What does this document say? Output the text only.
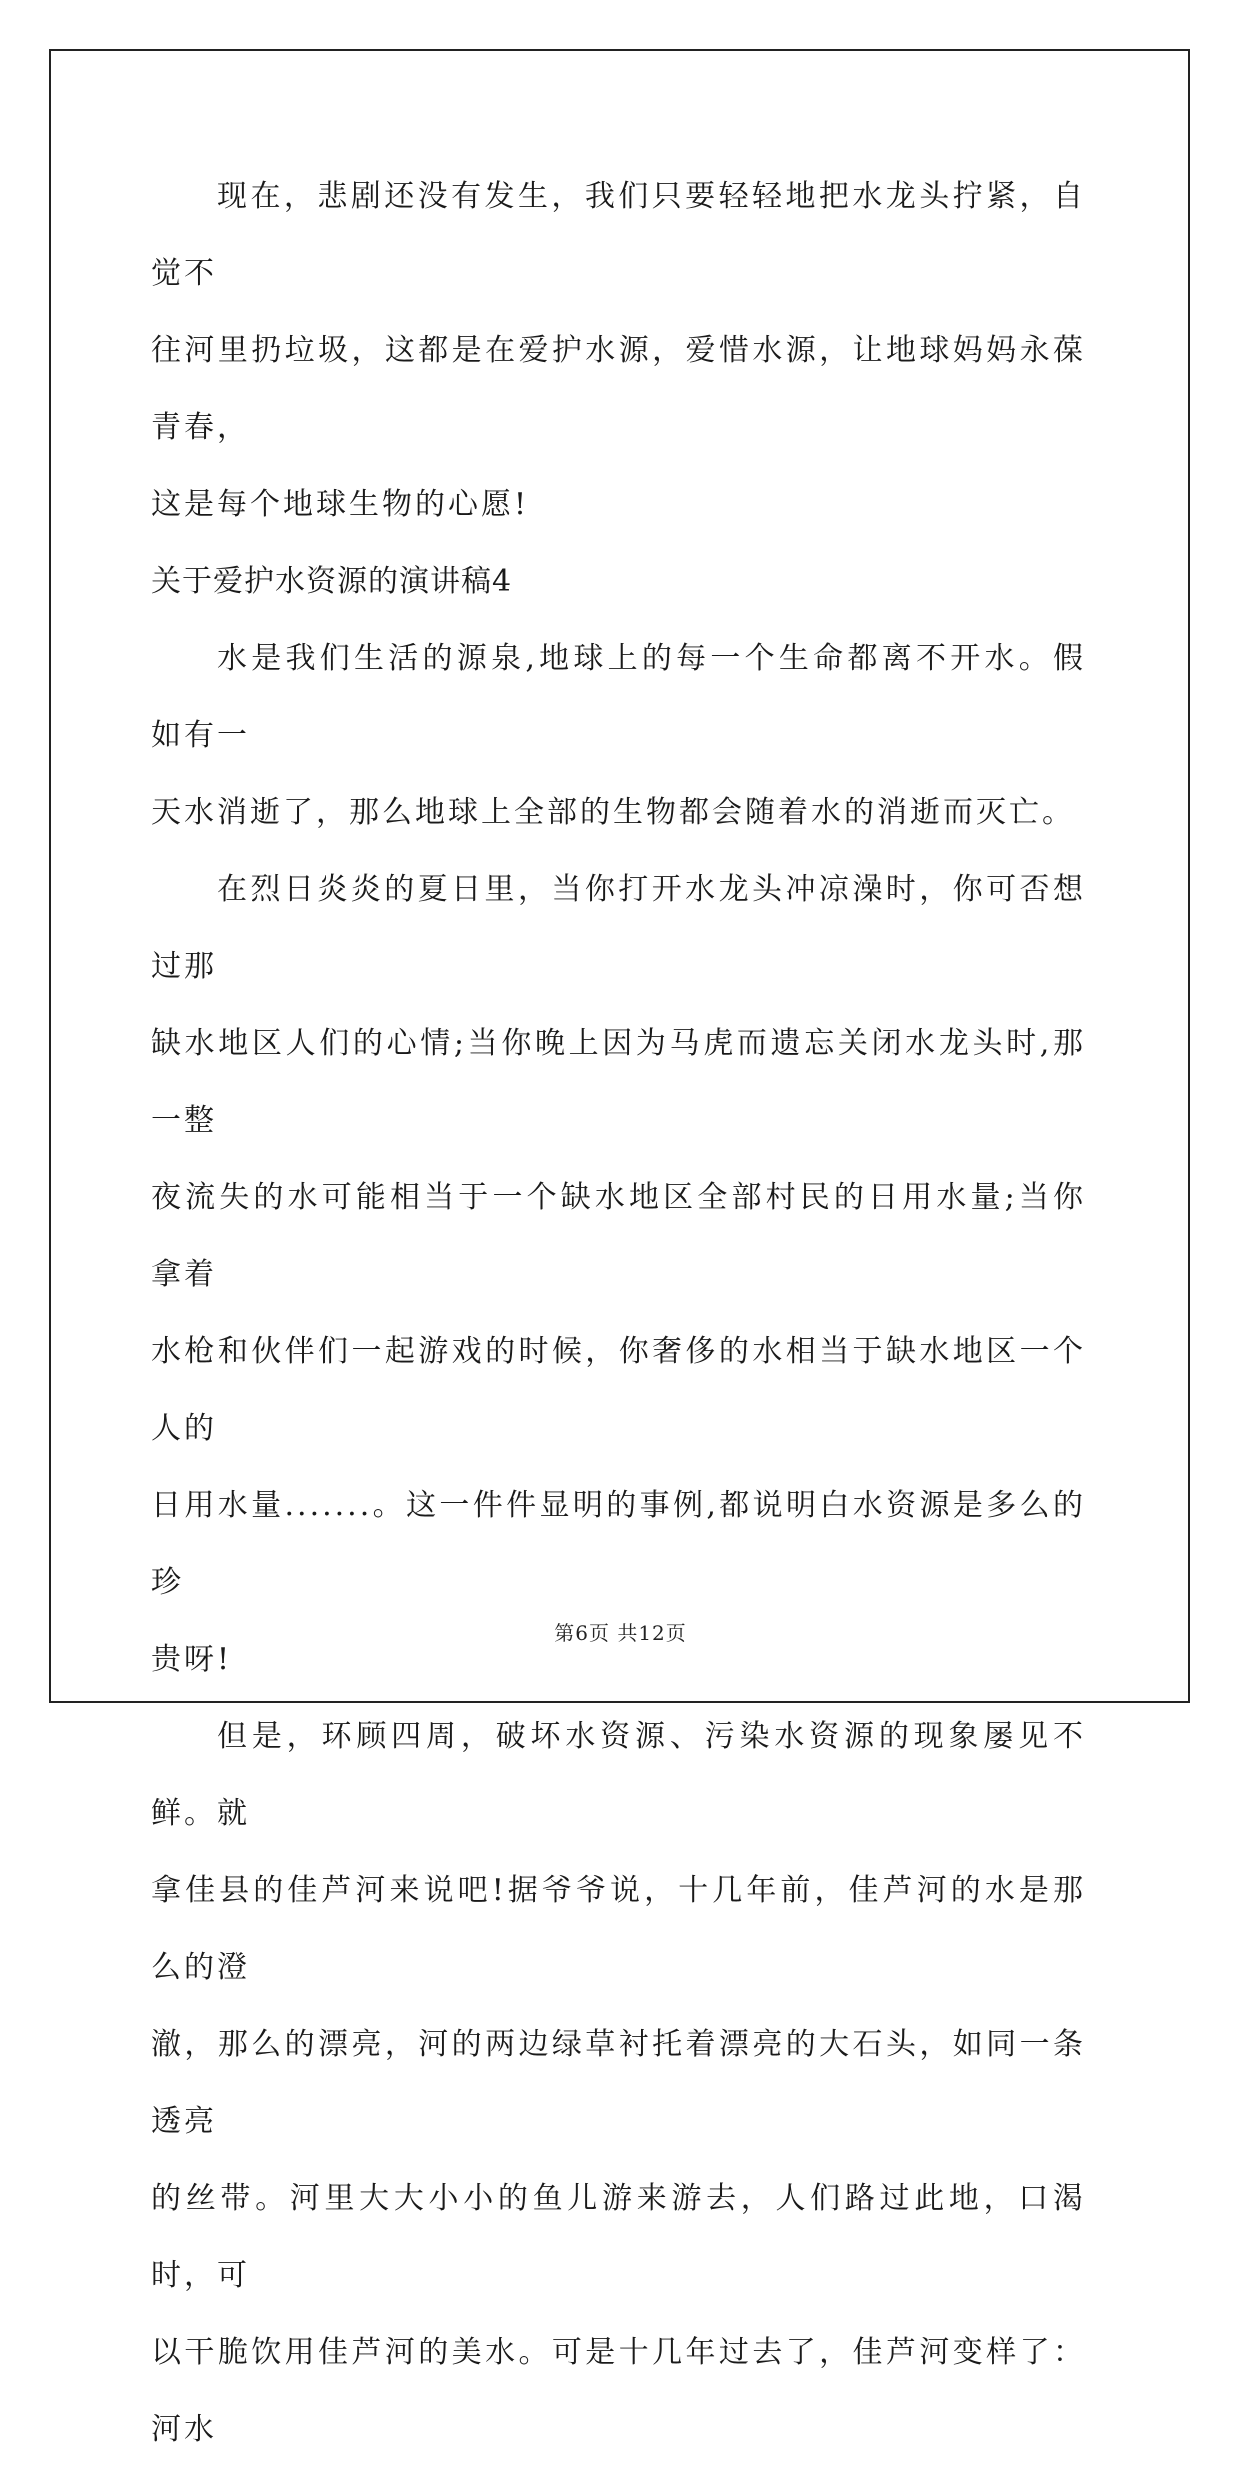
现在，悲剧还没有发生，我们只要轻轻地把水龙头拧紧，自觉不
往河里扔垃圾，这都是在爱护水源，爱惜水源，让地球妈妈永葆青春，
这是每个地球生物的心愿!

关于爱护水资源的演讲稿4

水是我们生活的源泉,地球上的每一个生命都离不开水。假如有一
天水消逝了，那么地球上全部的生物都会随着水的消逝而灭亡。

在烈日炎炎的夏日里，当你打开水龙头冲凉澡时，你可否想过那
缺水地区人们的心情;当你晚上因为马虎而遗忘关闭水龙头时,那一整
夜流失的水可能相当于一个缺水地区全部村民的日用水量;当你拿着
水枪和伙伴们一起游戏的时候，你奢侈的水相当于缺水地区一个人的
日用水量.......。这一件件显明的事例,都说明白水资源是多么的珍
贵呀!

但是，环顾四周，破坏水资源、污染水资源的现象屡见不鲜。就
拿佳县的佳芦河来说吧!据爷爷说，十几年前，佳芦河的水是那么的澄
澈，那么的漂亮，河的两边绿草衬托着漂亮的大石头，如同一条透亮
的丝带。河里大大小小的鱼儿游来游去，人们路过此地，口渴时，可
以干脆饮用佳芦河的美水。可是十几年过去了，佳芦河变样了：河水

第6页 共12页
